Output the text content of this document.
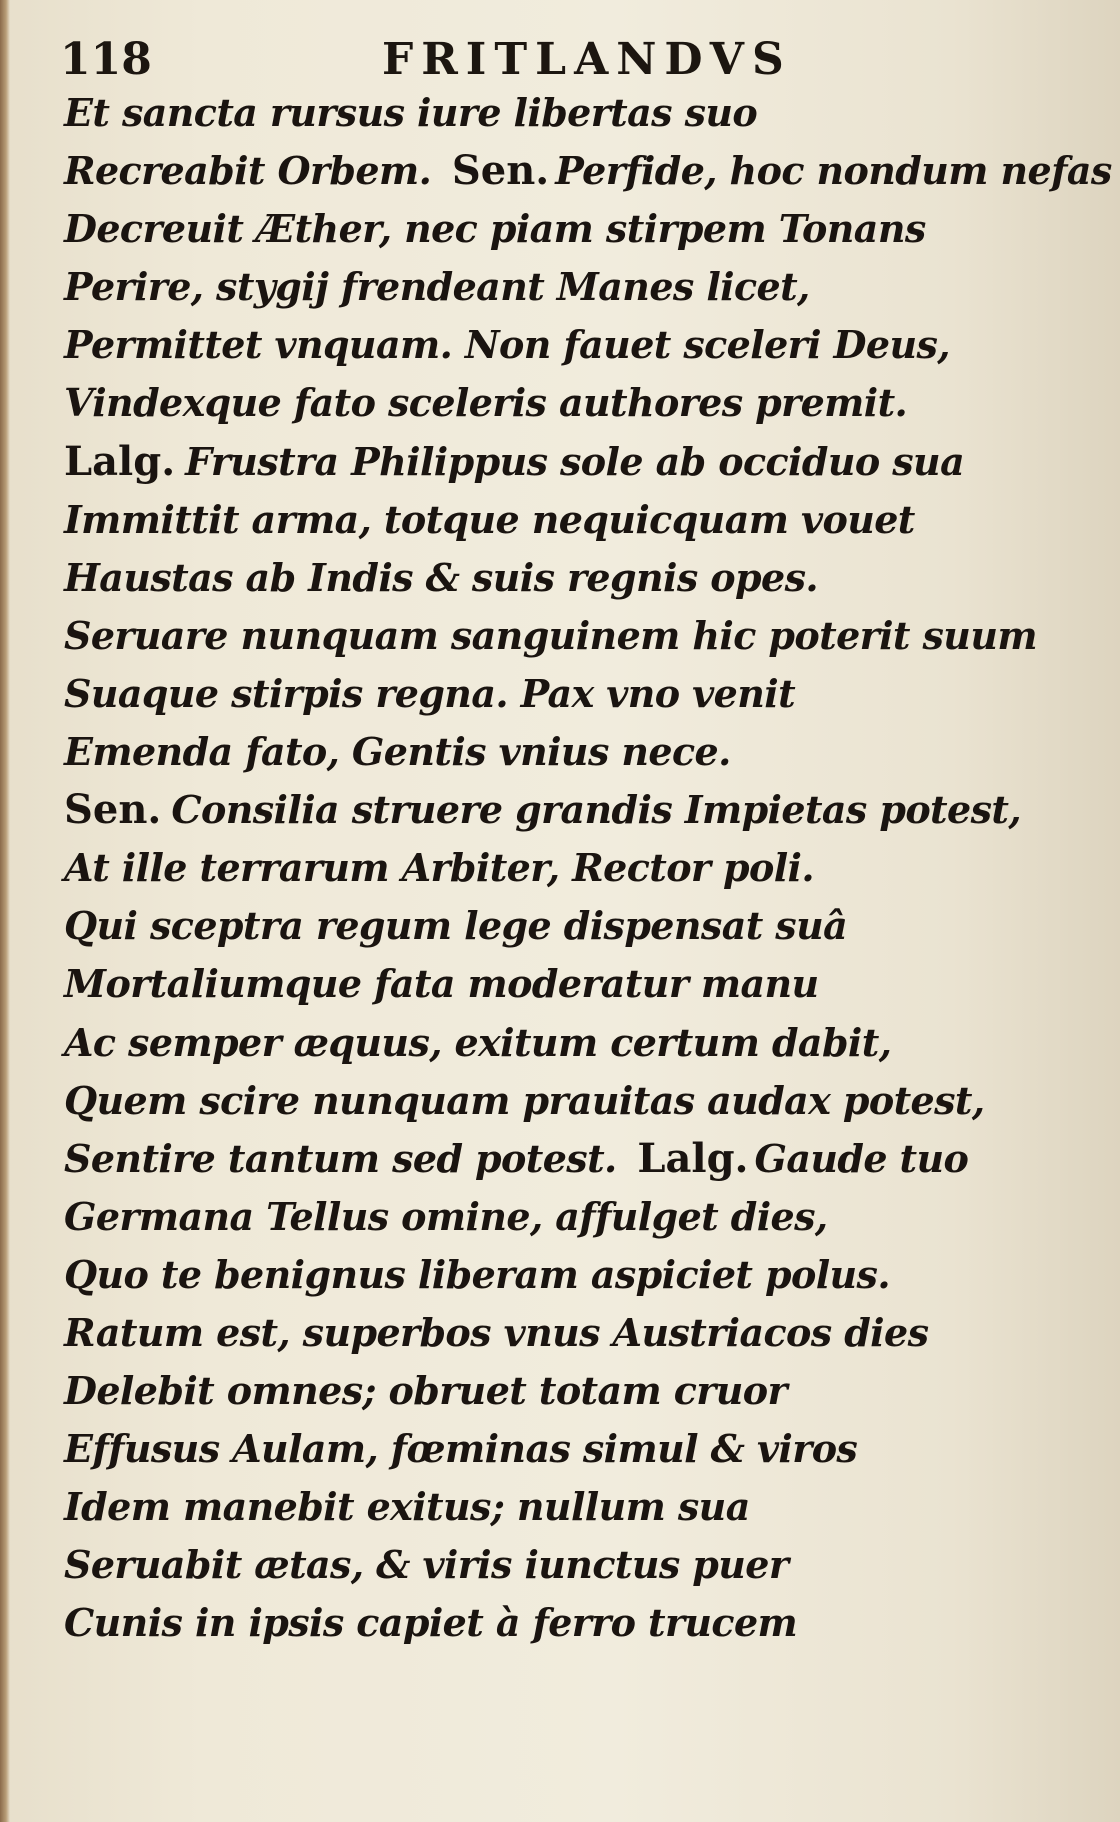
118	FRITLANDVS
Et sancta rursus iure libertas suo
Recreabit Orbem. Sen. Perfide, hoc nondum nefas
Decreuit Æther, nec piam stirpem Tonans
Perire, stygij frendeant Manes licet,
Permittet vnquam. Non fauet sceleri Deus,
Vindexque fato sceleris authores premit.
Lalg. Frustra Philippus sole ab occiduo sua
Immittit arma, totque nequicquam vouet
Haustas ab Indis & suis regnis opes.
Seruare nunquam sanguinem hic poterit suum
Suaque stirpis regna. Pax vno venit
Emenda fato, Gentis vnius nece.
Sen. Consilia struere grandis Impietas potest,
At ille terrarum Arbiter, Rector poli.
Qui sceptra regum lege dispensat suâ
Mortaliumque fata moderatur manu
Ac semper æquus, exitum certum dabit,
Quem scire nunquam prauitas audax potest,
Sentire tantum sed potest. Lalg. Gaude tuo
Germana Tellus omine, affulget dies,
Quo te benignus liberam aspiciet polus.
Ratum est, superbos vnus Austriacos dies
Delebit omnes; obruet totam cruor
Effusus Aulam, fœminas simul & viros
Idem manebit exitus; nullum sua
Seruabit ætas, & viris iunctus puer
Cunis in ipsis capiet à ferro trucem
